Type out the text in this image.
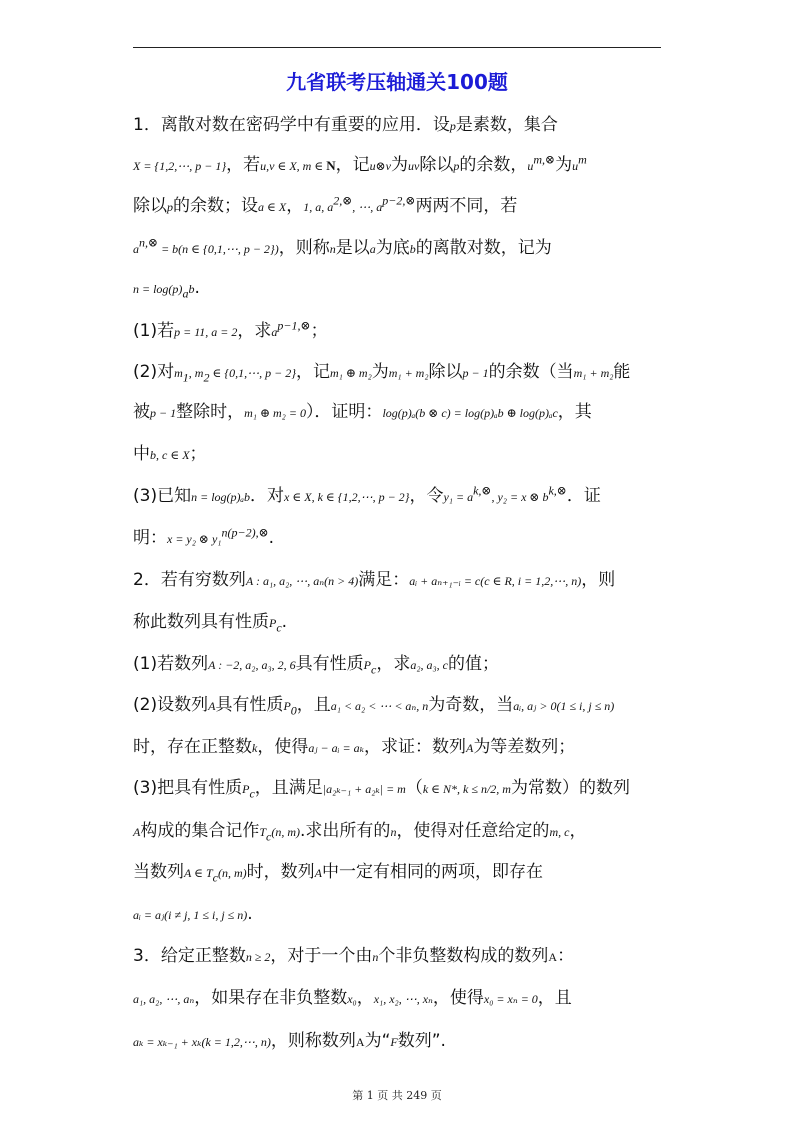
九省联考压轴通关100题
1．离散对数在密码学中有重要的应用．设p是素数，集合
X = {1,2,⋯, p − 1}，若u,v ∈ X, m ∈ N，记u⊗v为uv除以p的余数，$u^{m,\otimes}$为$u^m$
除以p的余数；设a ∈ X，1, a, $a^{2,\otimes}$, ⋯, $a^{p-2,\otimes}$两两不同，若
$a^{n,\otimes} = b(n$ ∈ {0,1,⋯, p − 2})，则称n是以a为底b的离散对数，记为
$n = \log(p)_ab$.
(1)若p = 11, a = 2，求$a^{p-1,\otimes}$；
(2)对$m_1$, $m_2$ ∈ {0,1,⋯, p − 2}，记m₁ ⊕ m₂为m₁ + m₂除以p − 1的余数（当m₁ + m₂能
被p − 1整除时，m₁ ⊕ m₂ = 0）．证明：log(p)ₐ(b ⊗ c) = log(p)ₐb ⊕ log(p)ₐc，其
中b, c ∈ X；
(3)已知n = log(p)ₐb．对x ∈ X, k ∈ {1,2,⋯, p − 2}，令$y_1 = a^{k,\otimes}$, y₂ = x ⊗ $b^{k,\otimes}$．证
明：x = y₂ ⊗ y₁$^{n(p-2),\otimes}$.
2．若有穷数列A : a₁, a₂, ⋯, aₙ(n > 4)满足：aᵢ + aₙ₊₁₋ᵢ = c(c ∈ R, i = 1,2,⋯, n)，则
称此数列具有性质$P_c$.
(1)若数列A : −2, a₂, a₃, 2, 6具有性质$P_c$，求a₂, a₃, c的值；
(2)设数列A具有性质$P_0$，且a₁ < a₂ < ⋯ < aₙ, n为奇数，当aᵢ, aⱼ > 0(1 ≤ i, j ≤ n)
时，存在正整数k，使得aⱼ − aᵢ = aₖ，求证：数列A为等差数列；
(3)把具有性质$P_c$，且满足|a₂ₖ₋₁ + a₂ₖ| = m（k ∈ N*, k ≤ n/2, m为常数）的数列
A构成的集合记作$T_c(n$, m).求出所有的n，使得对任意给定的m, c，
当数列A ∈ $T_c(n$, m)时，数列A中一定有相同的两项，即存在
aᵢ = aⱼ(i ≠ j, 1 ≤ i, j ≤ n).
3．给定正整数n ≥ 2，对于一个由n个非负整数构成的数列A：
a₁, a₂, ⋯, aₙ，如果存在非负整数x₀，x₁, x₂, ⋯, xₙ，使得x₀ = xₙ = 0，且
aₖ = xₖ₋₁ + xₖ(k = 1,2,⋯, n)，则称数列A为“F数列”.
第 1 页 共 249 页
